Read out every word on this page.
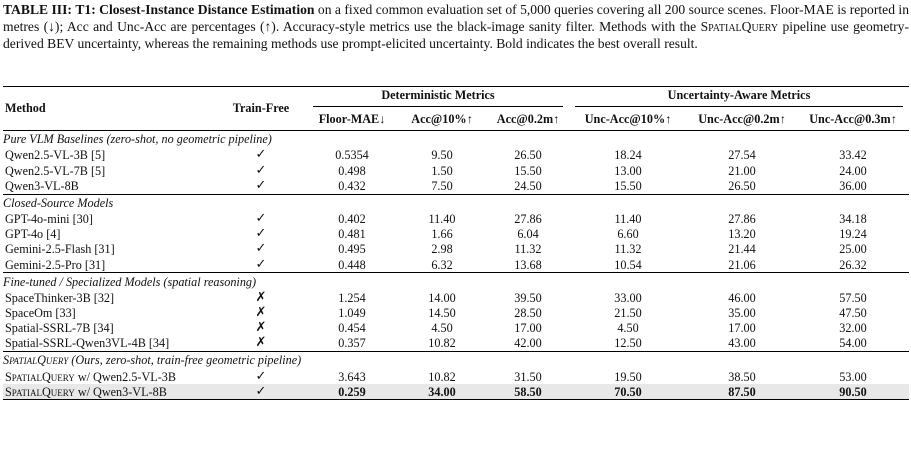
TABLE III: T1: Closest-Instance Distance Estimation on a fixed common evaluation set of 5,000 queries covering all 200 source scenes. Floor-MAE is reported in metres (↓); Acc and Unc-Acc are percentages (↑). Accuracy-style metrics use the black-image sanity filter. Methods with the SpatialQuery pipeline use geometry-derived BEV uncertainty, whereas the remaining methods use prompt-elicited uncertainty. Bold indicates the best overall result.

Method	Train-Free	Deterministic Metrics			Uncertainty-Aware Metrics		

		Floor-MAE↓	Acc@10%↑	Acc@0.2m↑	Unc-Acc@10%↑	Unc-Acc@0.2m↑	Unc-Acc@0.3m↑

Pure VLM Baselines (zero-shot, no geometric pipeline)							
Qwen2.5-VL-3B [5]	✓	0.5354	9.50	26.50	18.24	27.54	33.42
Qwen2.5-VL-7B [5]	✓	0.498	1.50	15.50	13.00	21.00	24.00
Qwen3-VL-8B	✓	0.432	7.50	24.50	15.50	26.50	36.00

Closed-Source Models							
GPT-4o-mini [30]	✓	0.402	11.40	27.86	11.40	27.86	34.18
GPT-4o [4]	✓	0.481	1.66	6.04	6.60	13.20	19.24
Gemini-2.5-Flash [31]	✓	0.495	2.98	11.32	11.32	21.44	25.00
Gemini-2.5-Pro [31]	✓	0.448	6.32	13.68	10.54	21.06	26.32

Fine-tuned / Specialized Models (spatial reasoning)							
SpaceThinker-3B [32]	✗	1.254	14.00	39.50	33.00	46.00	57.50
SpaceOm [33]	✗	1.049	14.50	28.50	21.50	35.00	47.50
Spatial-SSRL-7B [34]	✗	0.454	4.50	17.00	4.50	17.00	32.00
Spatial-SSRL-Qwen3VL-4B [34]	✗	0.357	10.82	42.00	12.50	43.00	54.00

SpatialQuery (Ours, zero-shot, train-free geometric pipeline)							
SpatialQuery w/ Qwen2.5-VL-3B	✓	3.643	10.82	31.50	19.50	38.50	53.00
SpatialQuery w/ Qwen3-VL-8B	✓	0.259	34.00	58.50	70.50	87.50	90.50
